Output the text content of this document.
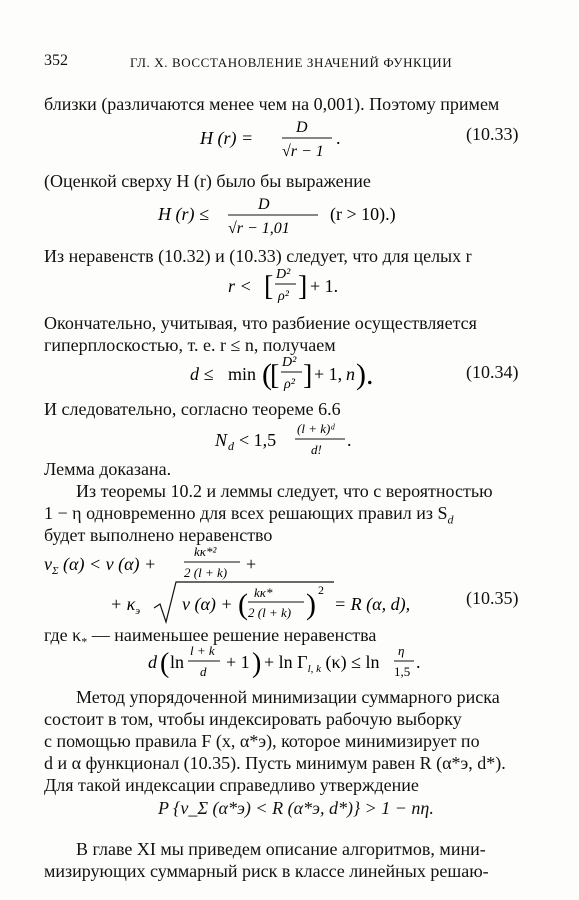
352	ГЛ. X. ВОССТАНОВЛЕНИЕ ЗНАЧЕНИЙ ФУНКЦИИ
близки (различаются менее чем на 0,001). Поэтому примем
H (r) =
D
√r − 1
.	(10.33)
(Оценкой сверху H (r) было бы выражение
H (r) ≤	D
√r − 1,01
(r > 10).)
Из неравенств (10.32) и (10.33) следует, что для целых r
r < [ D²
ρ² ] + 1.
Окончательно, учитывая, что разбиение осуществляется
гиперплоскостью, т. е. r ≤ n, получаем
d ≤ min (
[ D²
ρ² ] + 1, n ).	(10.34)
И следовательно, согласно теореме 6.6
N d < 1,5
(l + k)ᵈ
d! .
Лемма доказана.
Из теоремы 10.2 и леммы следует, что с вероятностью
1 − η одновременно для всех решающих правил из $S_d$
будет выполнено неравенство
$\nu_\Sigma$ (α) < ν (α) +
kκ*²
2 (l + k) +
+ $\kappa_э$ ν (α) + ( kκ*
2 (l + k) ) 2
= R (α, d),	(10.35)
где $\kappa_*$ — наименьшее решение неравенства
d ( ln
l + k
d + 1 ) + $\ln \Gamma_{l, k}$ (κ) ≤ ln
η
1,5 .
Метод упорядоченной минимизации суммарного риска
состоит в том, чтобы индексировать рабочую выборку
с помощью правила F (x, α*э), которое минимизирует по
d и α функционал (10.35). Пусть минимум равен R (α*э, d*).
Для такой индексации справедливо утверждение
P {ν_Σ (α*э) < R (α*э, d*)} > 1 − nη.
В главе XI мы приведем описание алгоритмов, мини-
мизирующих суммарный риск в классе линейных решаю-
